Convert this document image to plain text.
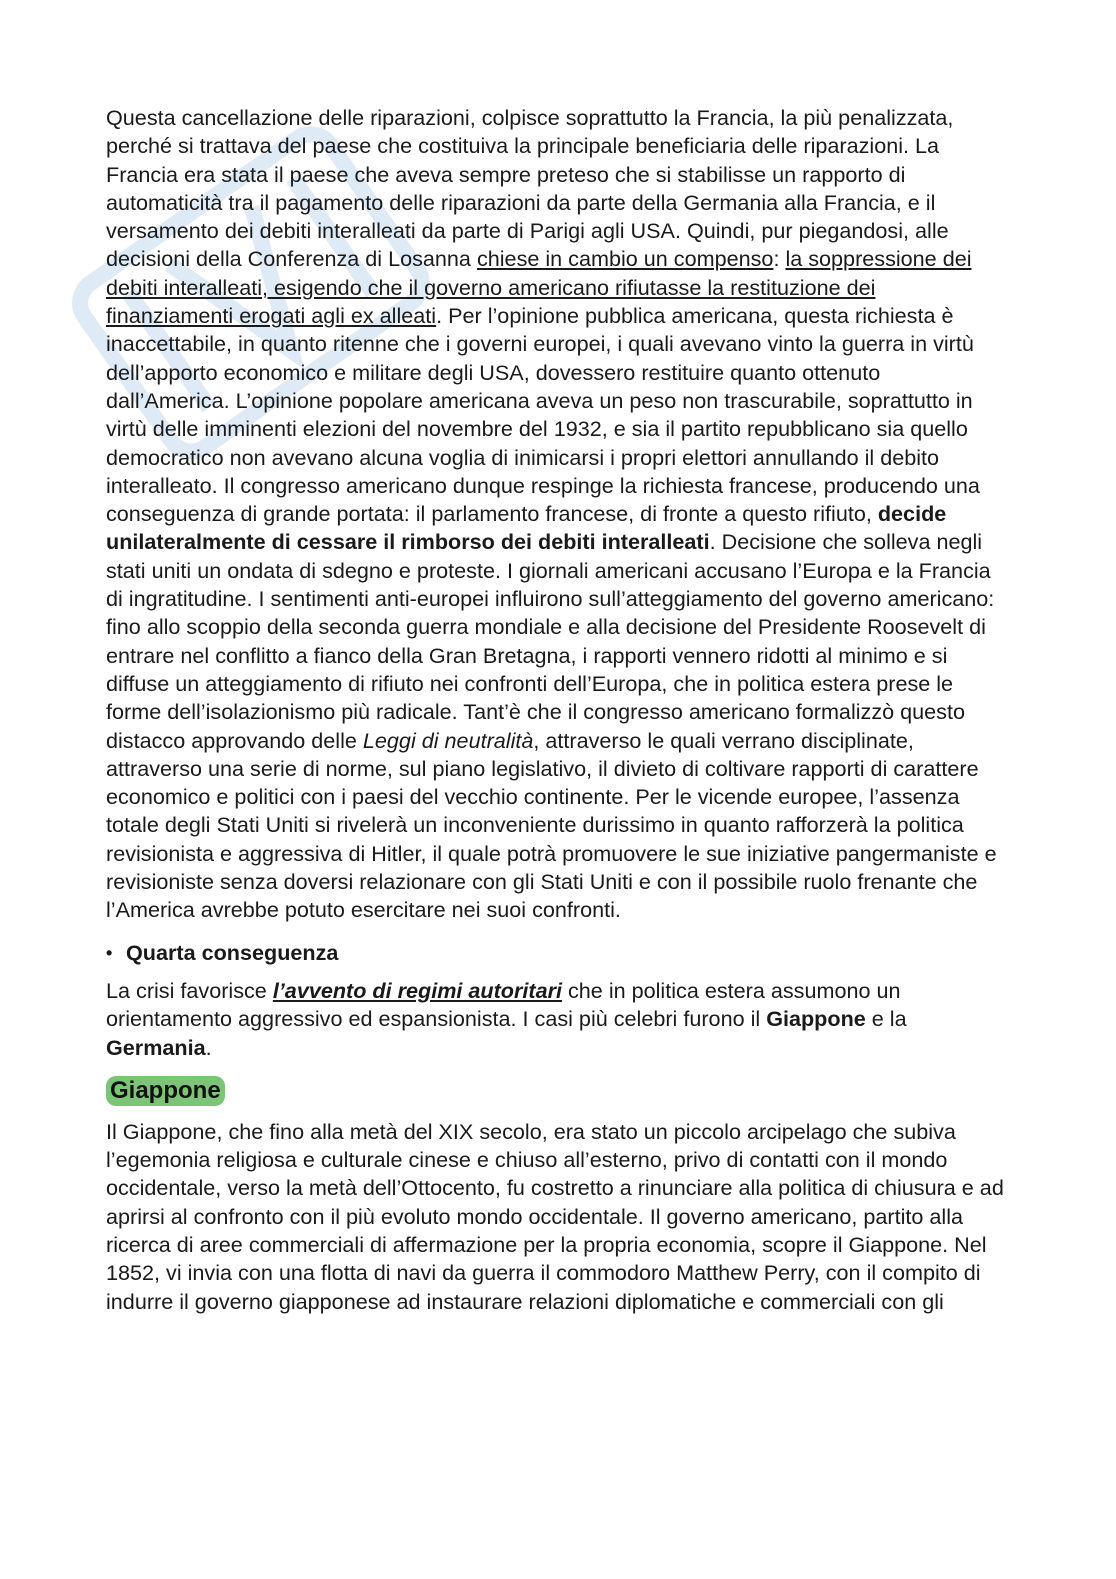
Questa cancellazione delle riparazioni, colpisce soprattutto la Francia, la più penalizzata, perché si trattava del paese che costituiva la principale beneficiaria delle riparazioni. La Francia era stata il paese che aveva sempre preteso che si stabilisse un rapporto di automaticità tra il pagamento delle riparazioni da parte della Germania alla Francia, e il versamento dei debiti interalleati da parte di Parigi agli USA. Quindi, pur piegandosi, alle decisioni della Conferenza di Losanna chiese in cambio un compenso: la soppressione dei debiti interalleati, esigendo che il governo americano rifiutasse la restituzione dei finanziamenti erogati agli ex alleati. Per l’opinione pubblica americana, questa richiesta è inaccettabile, in quanto ritenne che i governi europei, i quali avevano vinto la guerra in virtù dell’apporto economico e militare degli USA, dovessero restituire quanto ottenuto dall’America. L’opinione popolare americana aveva un peso non trascurabile, soprattutto in virtù delle imminenti elezioni del novembre del 1932, e sia il partito repubblicano sia quello democratico non avevano alcuna voglia di inimicarsi i propri elettori annullando il debito interalleato. Il congresso americano dunque respinge la richiesta francese, producendo una conseguenza di grande portata: il parlamento francese, di fronte a questo rifiuto, decide unilateralmente di cessare il rimborso dei debiti interalleati. Decisione che solleva negli stati uniti un ondata di sdegno e proteste. I giornali americani accusano l’Europa e la Francia di ingratitudine. I sentimenti anti-europei influirono sull’atteggiamento del governo americano: fino allo scoppio della seconda guerra mondiale e alla decisione del Presidente Roosevelt di entrare nel conflitto a fianco della Gran Bretagna, i rapporti vennero ridotti al minimo e si diffuse un atteggiamento di rifiuto nei confronti dell’Europa, che in politica estera prese le forme dell’isolazionismo più radicale. Tant’è che il congresso americano formalizzò questo distacco approvando delle Leggi di neutralità, attraverso le quali verrano disciplinate, attraverso una serie di norme, sul piano legislativo, il divieto di coltivare rapporti di carattere economico e politici con i paesi del vecchio continente. Per le vicende europee, l’assenza totale degli Stati Uniti si rivelerà un inconveniente durissimo in quanto rafforzerà la politica revisionista e aggressiva di Hitler, il quale potrà promuovere le sue iniziative pangermaniste e revisioniste senza doversi relazionare con gli Stati Uniti e con il possibile ruolo frenante che l’America avrebbe potuto esercitare nei suoi confronti.

• Quarta conseguenza

La crisi favorisce l’avvento di regimi autoritari che in politica estera assumono un orientamento aggressivo ed espansionista. I casi più celebri furono il Giappone e la Germania.

Giappone

Il Giappone, che fino alla metà del XIX secolo, era stato un piccolo arcipelago che subiva l’egemonia religiosa e culturale cinese e chiuso all’esterno, privo di contatti con il mondo occidentale, verso la metà dell’Ottocento, fu costretto a rinunciare alla politica di chiusura e ad aprirsi al confronto con il più evoluto mondo occidentale. Il governo americano, partito alla ricerca di aree commerciali di affermazione per la propria economia, scopre il Giappone. Nel 1852, vi invia con una flotta di navi da guerra il commodoro Matthew Perry, con il compito di indurre il governo giapponese ad instaurare relazioni diplomatiche e commerciali con gli
